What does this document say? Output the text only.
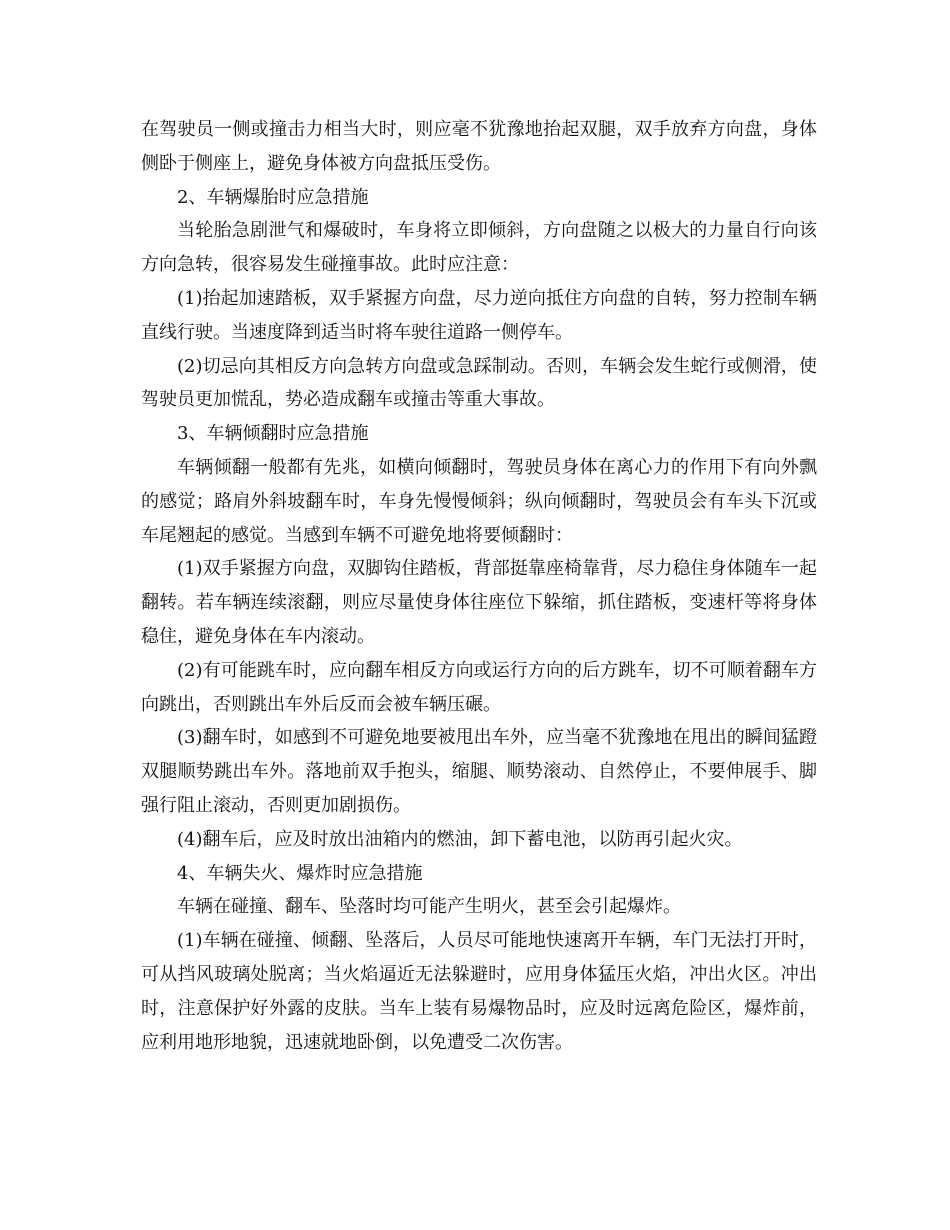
在驾驶员一侧或撞击力相当大时，则应毫不犹豫地抬起双腿，双手放弃方向盘，身体侧卧于侧座上，避免身体被方向盘抵压受伤。

2、车辆爆胎时应急措施

当轮胎急剧泄气和爆破时，车身将立即倾斜，方向盘随之以极大的力量自行向该方向急转，很容易发生碰撞事故。此时应注意：

(1)抬起加速踏板，双手紧握方向盘，尽力逆向抵住方向盘的自转，努力控制车辆直线行驶。当速度降到适当时将车驶往道路一侧停车。

(2)切忌向其相反方向急转方向盘或急踩制动。否则，车辆会发生蛇行或侧滑，使驾驶员更加慌乱，势必造成翻车或撞击等重大事故。

3、车辆倾翻时应急措施

车辆倾翻一般都有先兆，如横向倾翻时，驾驶员身体在离心力的作用下有向外飘的感觉；路肩外斜坡翻车时，车身先慢慢倾斜；纵向倾翻时，驾驶员会有车头下沉或车尾翘起的感觉。当感到车辆不可避免地将要倾翻时：

(1)双手紧握方向盘，双脚钩住踏板，背部挺靠座椅靠背，尽力稳住身体随车一起翻转。若车辆连续滚翻，则应尽量使身体往座位下躲缩，抓住踏板，变速杆等将身体稳住，避免身体在车内滚动。

(2)有可能跳车时，应向翻车相反方向或运行方向的后方跳车，切不可顺着翻车方向跳出，否则跳出车外后反而会被车辆压碾。

(3)翻车时，如感到不可避免地要被甩出车外，应当毫不犹豫地在甩出的瞬间猛蹬双腿顺势跳出车外。落地前双手抱头，缩腿、顺势滚动、自然停止，不要伸展手、脚强行阻止滚动，否则更加剧损伤。

(4)翻车后，应及时放出油箱内的燃油，卸下蓄电池，以防再引起火灾。

4、车辆失火、爆炸时应急措施

车辆在碰撞、翻车、坠落时均可能产生明火，甚至会引起爆炸。

(1)车辆在碰撞、倾翻、坠落后，人员尽可能地快速离开车辆，车门无法打开时，可从挡风玻璃处脱离；当火焰逼近无法躲避时，应用身体猛压火焰，冲出火区。冲出时，注意保护好外露的皮肤。当车上装有易爆物品时，应及时远离危险区，爆炸前，应利用地形地貌，迅速就地卧倒，以免遭受二次伤害。
